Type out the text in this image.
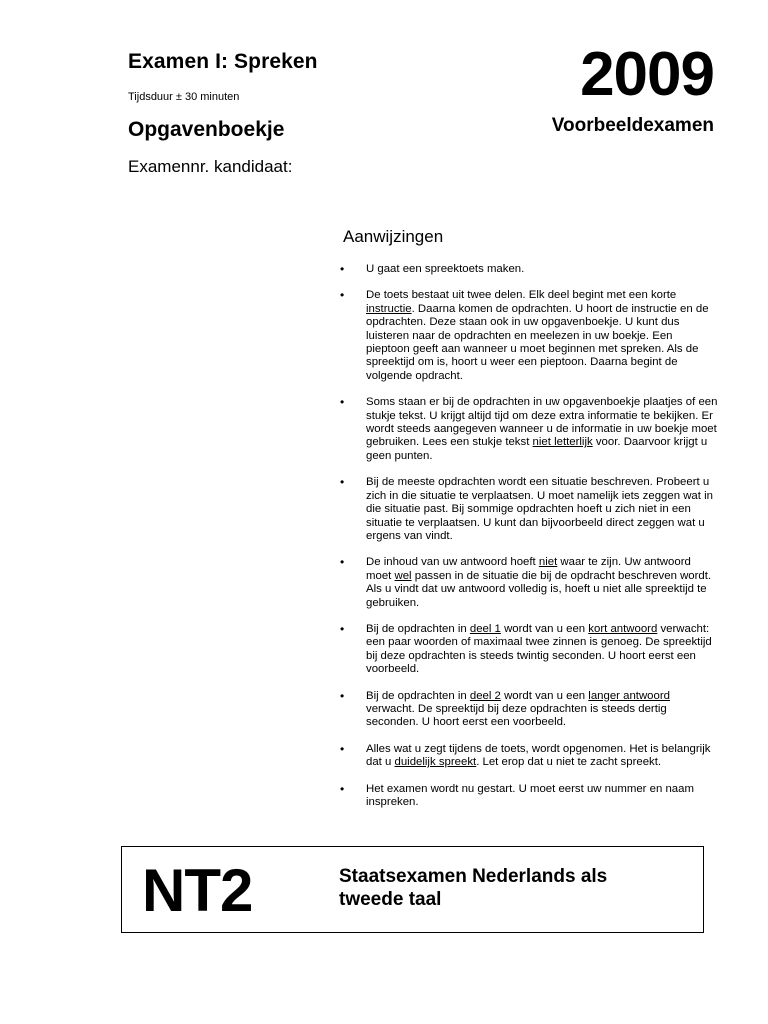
Examen I: Spreken
Tijdsduur ± 30 minuten
Opgavenboekje
Examennr. kandidaat:
2009
Voorbeeldexamen
Aanwijzingen
• U gaat een spreektoets maken.
• De toets bestaat uit twee delen. Elk deel begint met een korte instructie. Daarna komen de opdrachten. U hoort de instructie en de opdrachten. Deze staan ook in uw opgavenboekje. U kunt dus luisteren naar de opdrachten en meelezen in uw boekje. Een pieptoon geeft aan wanneer u moet beginnen met spreken. Als de spreektijd om is, hoort u weer een pieptoon. Daarna begint de volgende opdracht.
• Soms staan er bij de opdrachten in uw opgavenboekje plaatjes of een stukje tekst. U krijgt altijd tijd om deze extra informatie te bekijken. Er wordt steeds aangegeven wanneer u de informatie in uw boekje moet gebruiken. Lees een stukje tekst niet letterlijk voor. Daarvoor krijgt u geen punten.
• Bij de meeste opdrachten wordt een situatie beschreven. Probeert u zich in die situatie te verplaatsen. U moet namelijk iets zeggen wat in die situatie past. Bij sommige opdrachten hoeft u zich niet in een situatie te verplaatsen. U kunt dan bijvoorbeeld direct zeggen wat u ergens van vindt.
• De inhoud van uw antwoord hoeft niet waar te zijn. Uw antwoord moet wel passen in de situatie die bij de opdracht beschreven wordt. Als u vindt dat uw antwoord volledig is, hoeft u niet alle spreektijd te gebruiken.
• Bij de opdrachten in deel 1 wordt van u een kort antwoord verwacht: een paar woorden of maximaal twee zinnen is genoeg. De spreektijd bij deze opdrachten is steeds twintig seconden. U hoort eerst een voorbeeld.
• Bij de opdrachten in deel 2 wordt van u een langer antwoord verwacht. De spreektijd bij deze opdrachten is steeds dertig seconden. U hoort eerst een voorbeeld.
• Alles wat u zegt tijdens de toets, wordt opgenomen. Het is belangrijk dat u duidelijk spreekt. Let erop dat u niet te zacht spreekt.
• Het examen wordt nu gestart. U moet eerst uw nummer en naam inspreken.
NT2	Staatsexamen Nederlands als tweede taal
